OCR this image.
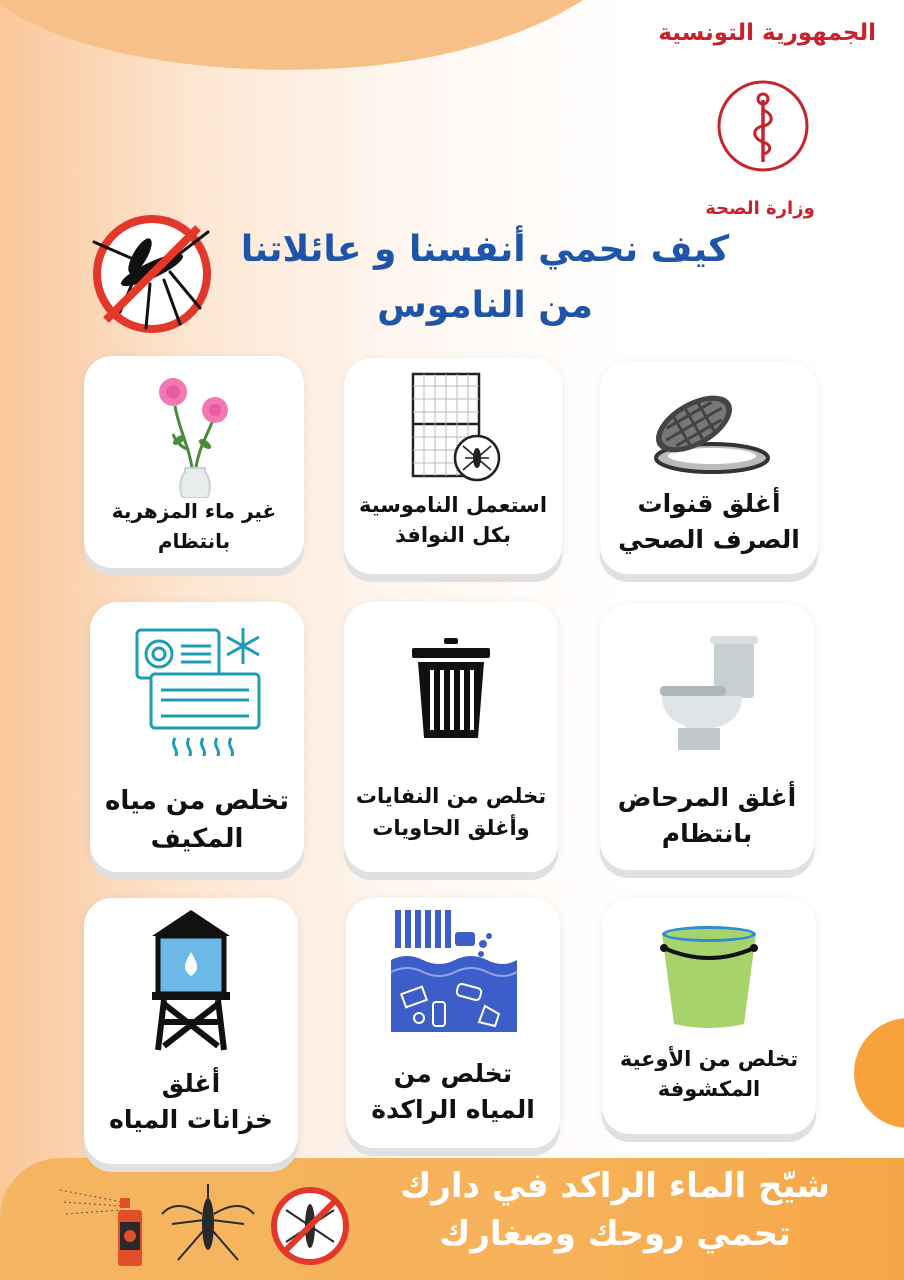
الجمهورية التونسية
وزارة الصحة
كيف نحمي أنفسنا و عائلاتنا
من الناموس
غير ماء المزهرية
بانتظام
استعمل الناموسية
بكل النوافذ
أغلق قنوات
الصرف الصحي
تخلص من مياه
المكيف
تخلص من النفايات
وأغلق الحاويات
أغلق المرحاض
بانتظام
أغلق
خزانات المياه
تخلص من
المياه الراكدة
تخلص من الأوعية
المكشوفة
شيّح الماء الراكد في دارك
تحمي روحك وصغارك
